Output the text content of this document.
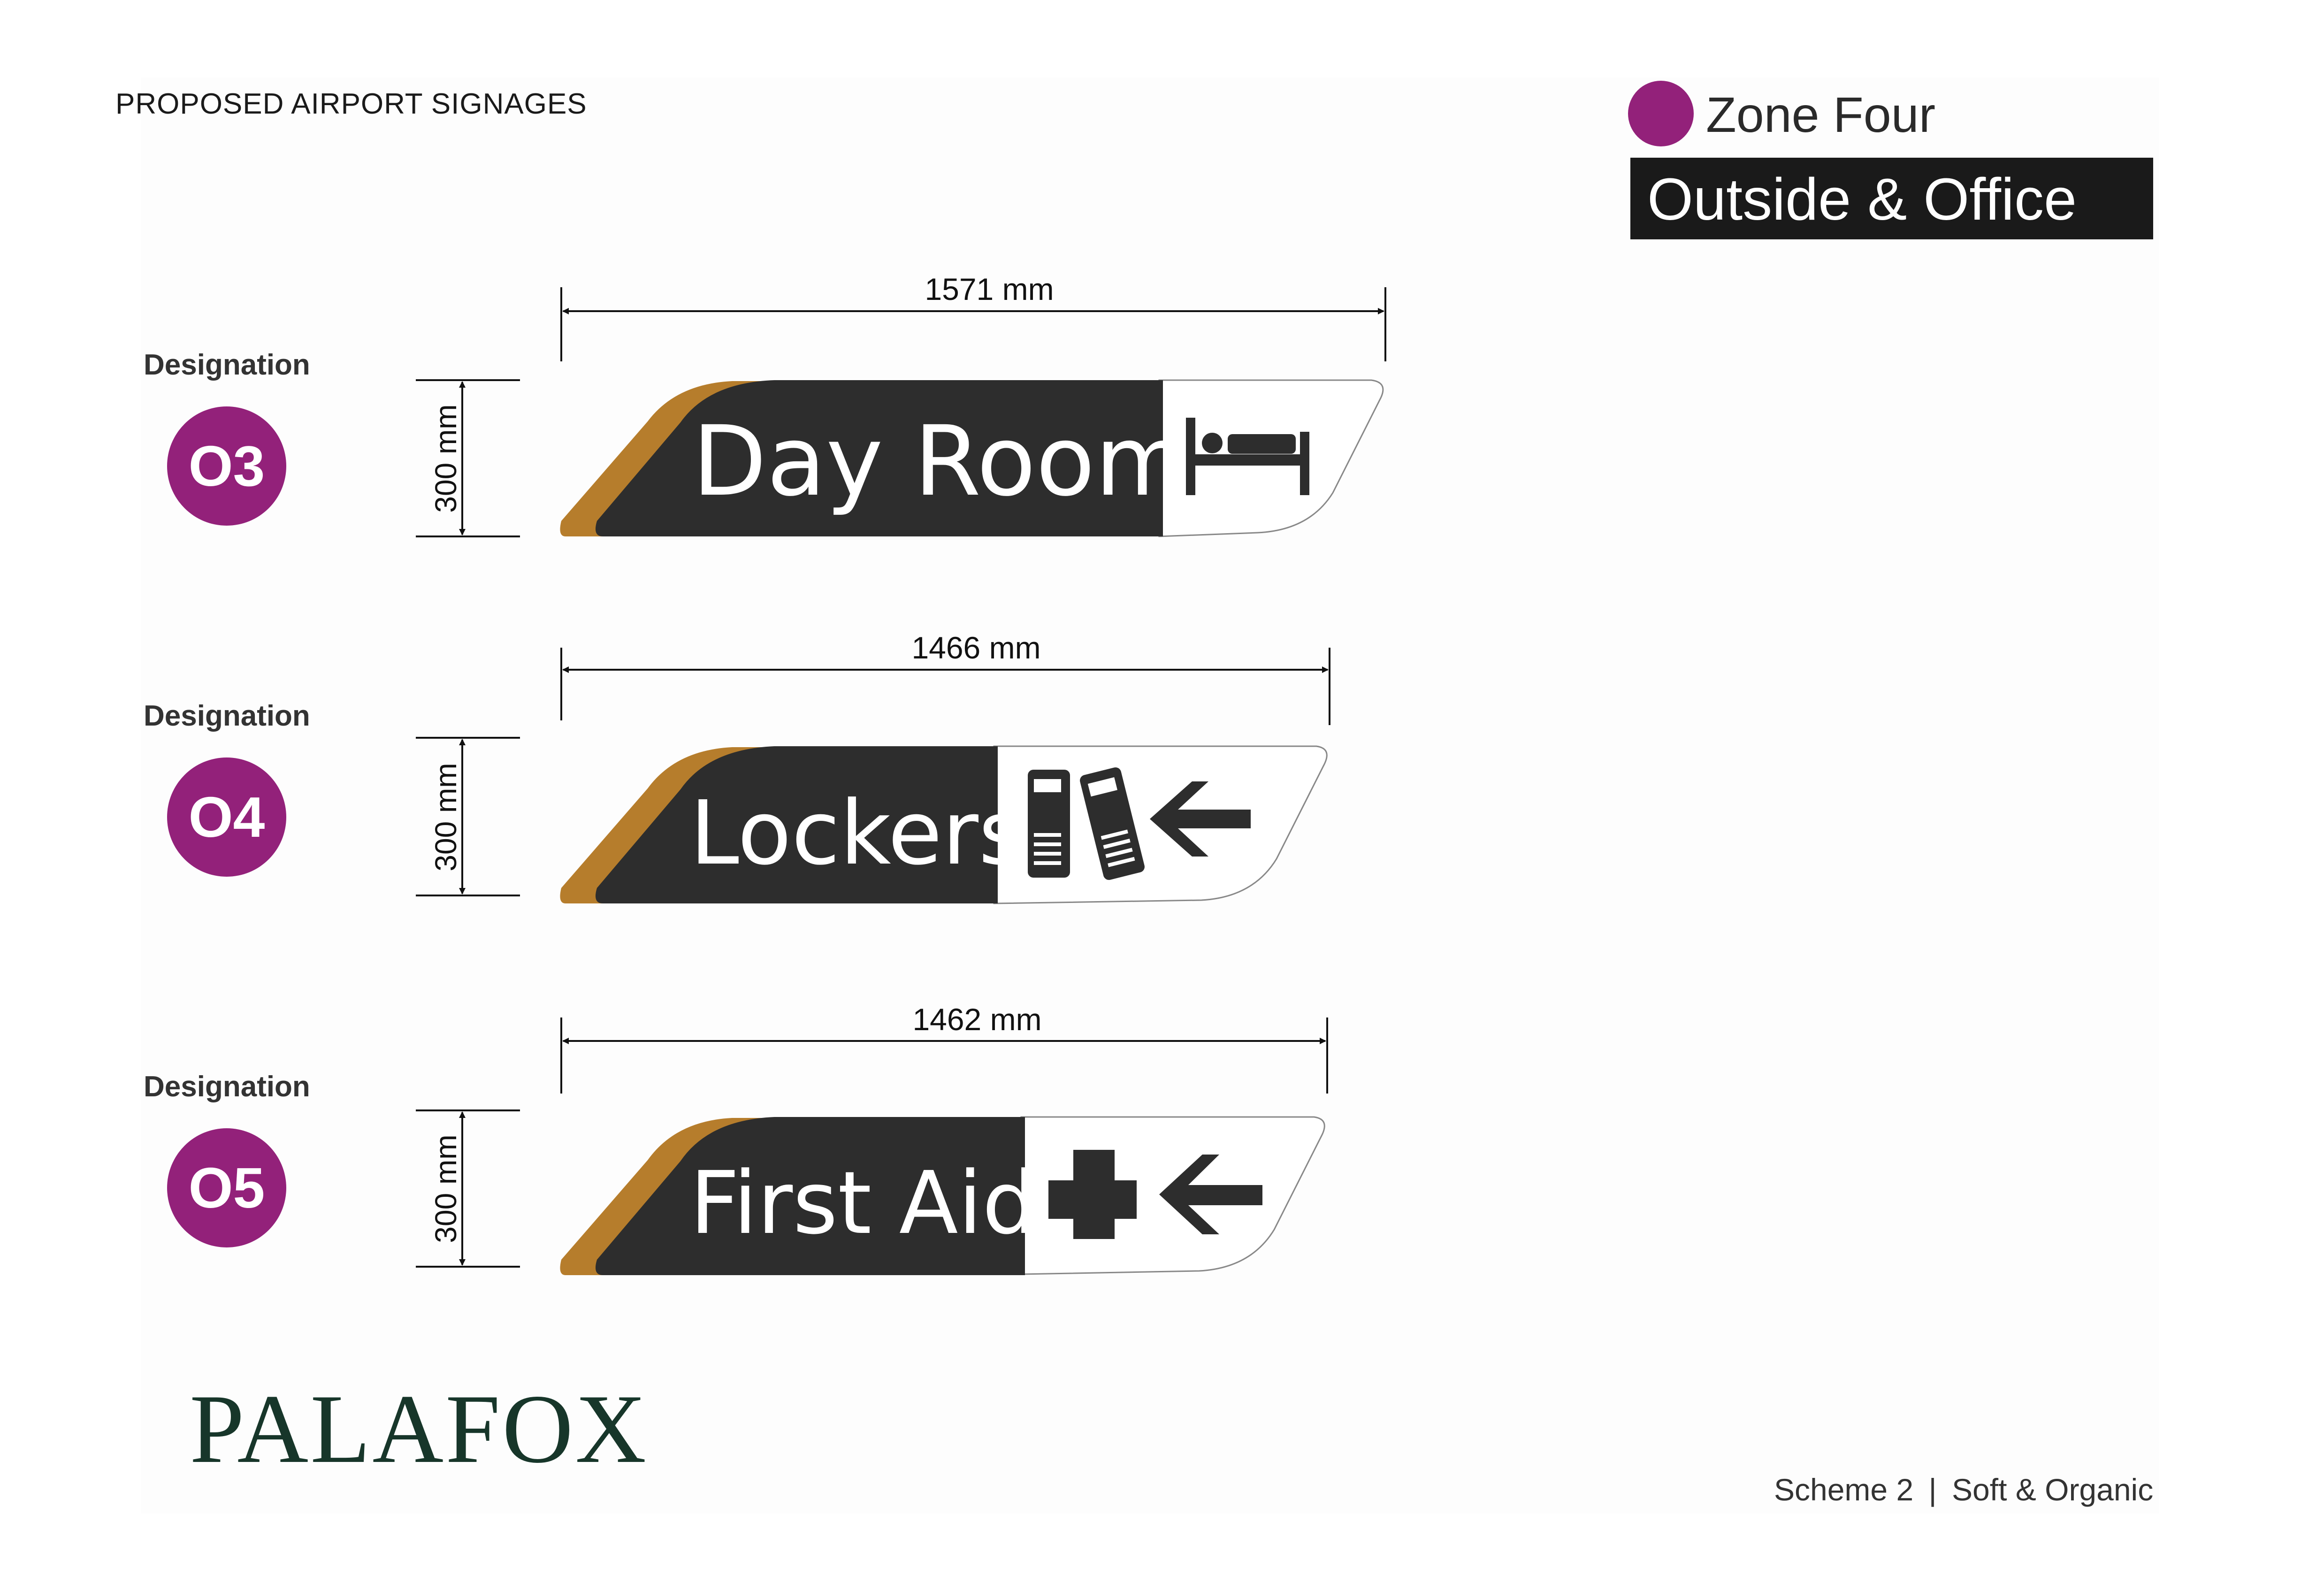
PROPOSED AIRPORT SIGNAGES	Zone Four
Outside & Office
Designation
O3
Designation
O4
Designation
O5
1571 mm
1466 mm
1462 mm
300 mm
300 mm
300 mm
Day Room
Lockers
First Aid
PALAFOX
Scheme 2 | Soft & Organic
